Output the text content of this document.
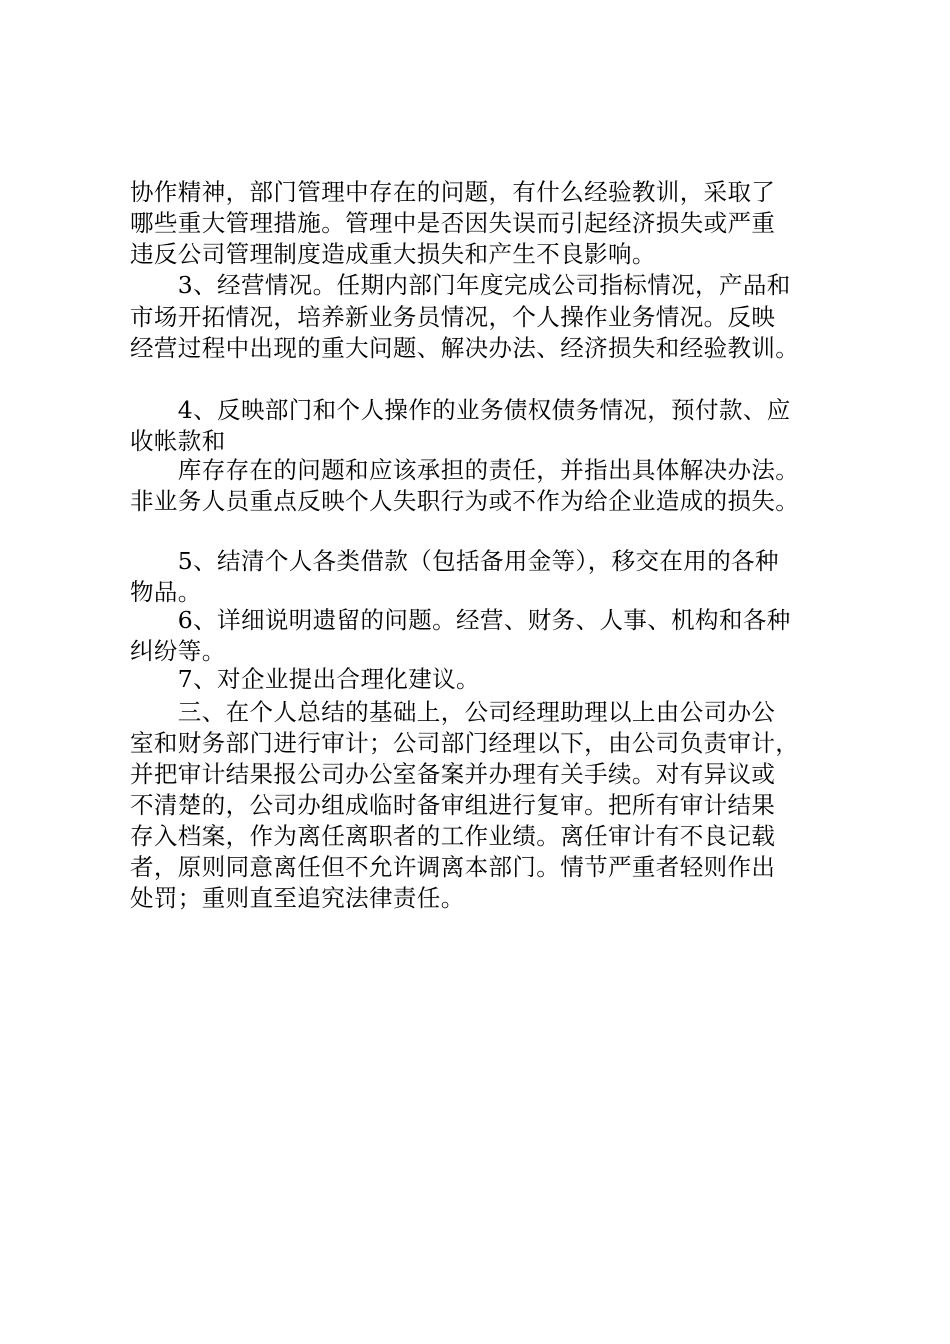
协作精神，部门管理中存在的问题，有什么经验教训，采取了
哪些重大管理措施。管理中是否因失误而引起经济损失或严重
违反公司管理制度造成重大损失和产生不良影响。
　　3、经营情况。任期内部门年度完成公司指标情况，产品和
市场开拓情况，培养新业务员情况，个人操作业务情况。反映
经营过程中出现的重大问题、解决办法、经济损失和经验教训。
　　4、反映部门和个人操作的业务债权债务情况，预付款、应
收帐款和
　　库存存在的问题和应该承担的责任，并指出具体解决办法。
非业务人员重点反映个人失职行为或不作为给企业造成的损失。
　　5、结清个人各类借款（包括备用金等），移交在用的各种
物品。
　　6、详细说明遗留的问题。经营、财务、人事、机构和各种
纠纷等。
　　7、对企业提出合理化建议。
　　三、在个人总结的基础上，公司经理助理以上由公司办公
室和财务部门进行审计；公司部门经理以下，由公司负责审计，
并把审计结果报公司办公室备案并办理有关手续。对有异议或
不清楚的，公司办组成临时备审组进行复审。把所有审计结果
存入档案，作为离任离职者的工作业绩。离任审计有不良记载
者，原则同意离任但不允许调离本部门。情节严重者轻则作出
处罚；重则直至追究法律责任。
